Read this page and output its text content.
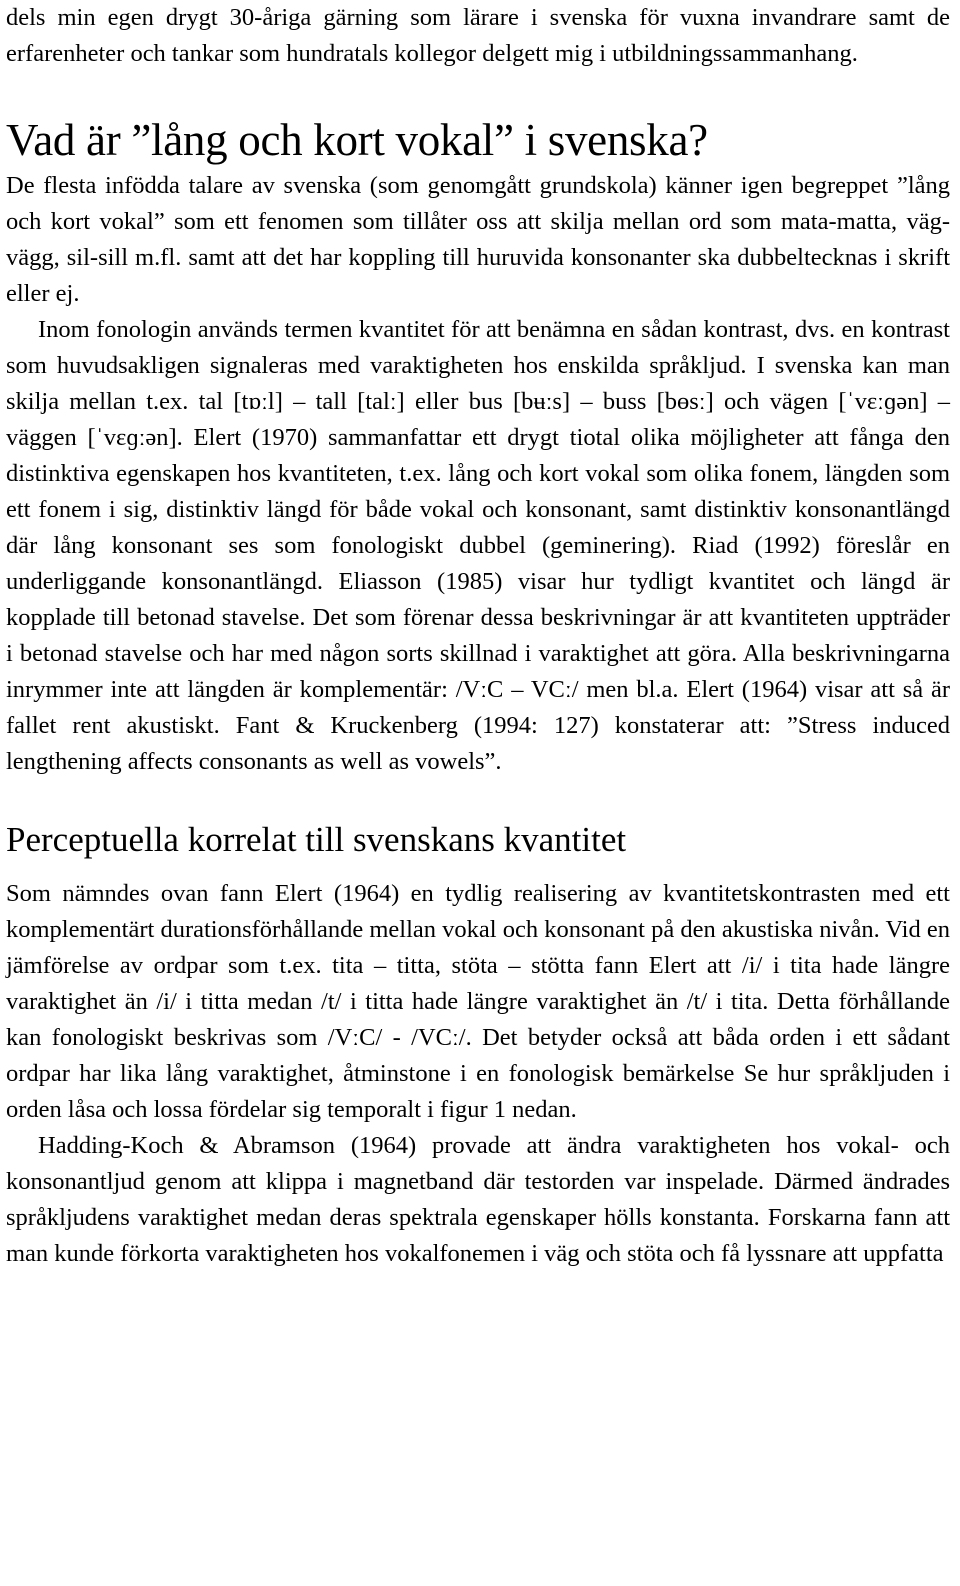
dels min egen drygt 30-åriga gärning som lärare i svenska för vuxna invandrare samt de erfarenheter och tankar som hundratals kollegor delgett mig i utbildningssammanhang.

Vad är ”lång och kort vokal” i svenska?

De flesta infödda talare av svenska (som genomgått grundskola) känner igen begreppet ”lång och kort vokal” som ett fenomen som tillåter oss att skilja mellan ord som mata-matta, väg-vägg, sil-sill m.fl. samt att det har koppling till huruvida konsonanter ska dubbeltecknas i skrift eller ej.

Inom fonologin används termen kvantitet för att benämna en sådan kontrast, dvs. en kontrast som huvudsakligen signaleras med varaktigheten hos enskilda språkljud. I svenska kan man skilja mellan t.ex. tal [tɒːl] – tall [talː] eller bus [bʉːs] – buss [bɵsː] och vägen [ˈvɛːɡən] – väggen [ˈvɛɡːən]. Elert (1970) sammanfattar ett drygt tiotal olika möjligheter att fånga den distinktiva egenskapen hos kvantiteten, t.ex. lång och kort vokal som olika fonem, längden som ett fonem i sig, distinktiv längd för både vokal och konsonant, samt distinktiv konsonantlängd där lång konsonant ses som fonologiskt dubbel (geminering). Riad (1992) föreslår en underliggande konsonantlängd. Eliasson (1985) visar hur tydligt kvantitet och längd är kopplade till betonad stavelse. Det som förenar dessa beskrivningar är att kvantiteten uppträder i betonad stavelse och har med någon sorts skillnad i varaktighet att göra. Alla beskrivningarna inrymmer inte att längden är komplementär: /VːC – VCː/ men bl.a. Elert (1964) visar att så är fallet rent akustiskt. Fant & Kruckenberg (1994: 127) konstaterar att: ”Stress induced lengthening affects consonants as well as vowels”.

Perceptuella korrelat till svenskans kvantitet

Som nämndes ovan fann Elert (1964) en tydlig realisering av kvantitetskontrasten med ett komplementärt durationsförhållande mellan vokal och konsonant på den akustiska nivån. Vid en jämförelse av ordpar som t.ex. tita – titta, stöta – stötta fann Elert att /i/ i tita hade längre varaktighet än /i/ i titta medan /t/ i titta hade längre varaktighet än /t/ i tita. Detta förhållande kan fonologiskt beskrivas som /VːC/ - /VCː/. Det betyder också att båda orden i ett sådant ordpar har lika lång varaktighet, åtminstone i en fonologisk bemärkelse Se hur språkljuden i orden låsa och lossa fördelar sig temporalt i figur 1 nedan.

Hadding-Koch & Abramson (1964) provade att ändra varaktigheten hos vokal- och konsonantljud genom att klippa i magnetband där testorden var inspelade. Därmed ändrades språkljudens varaktighet medan deras spektrala egenskaper hölls konstanta. Forskarna fann att man kunde förkorta varaktigheten hos vokalfonemen i väg och stöta och få lyssnare att uppfatta
